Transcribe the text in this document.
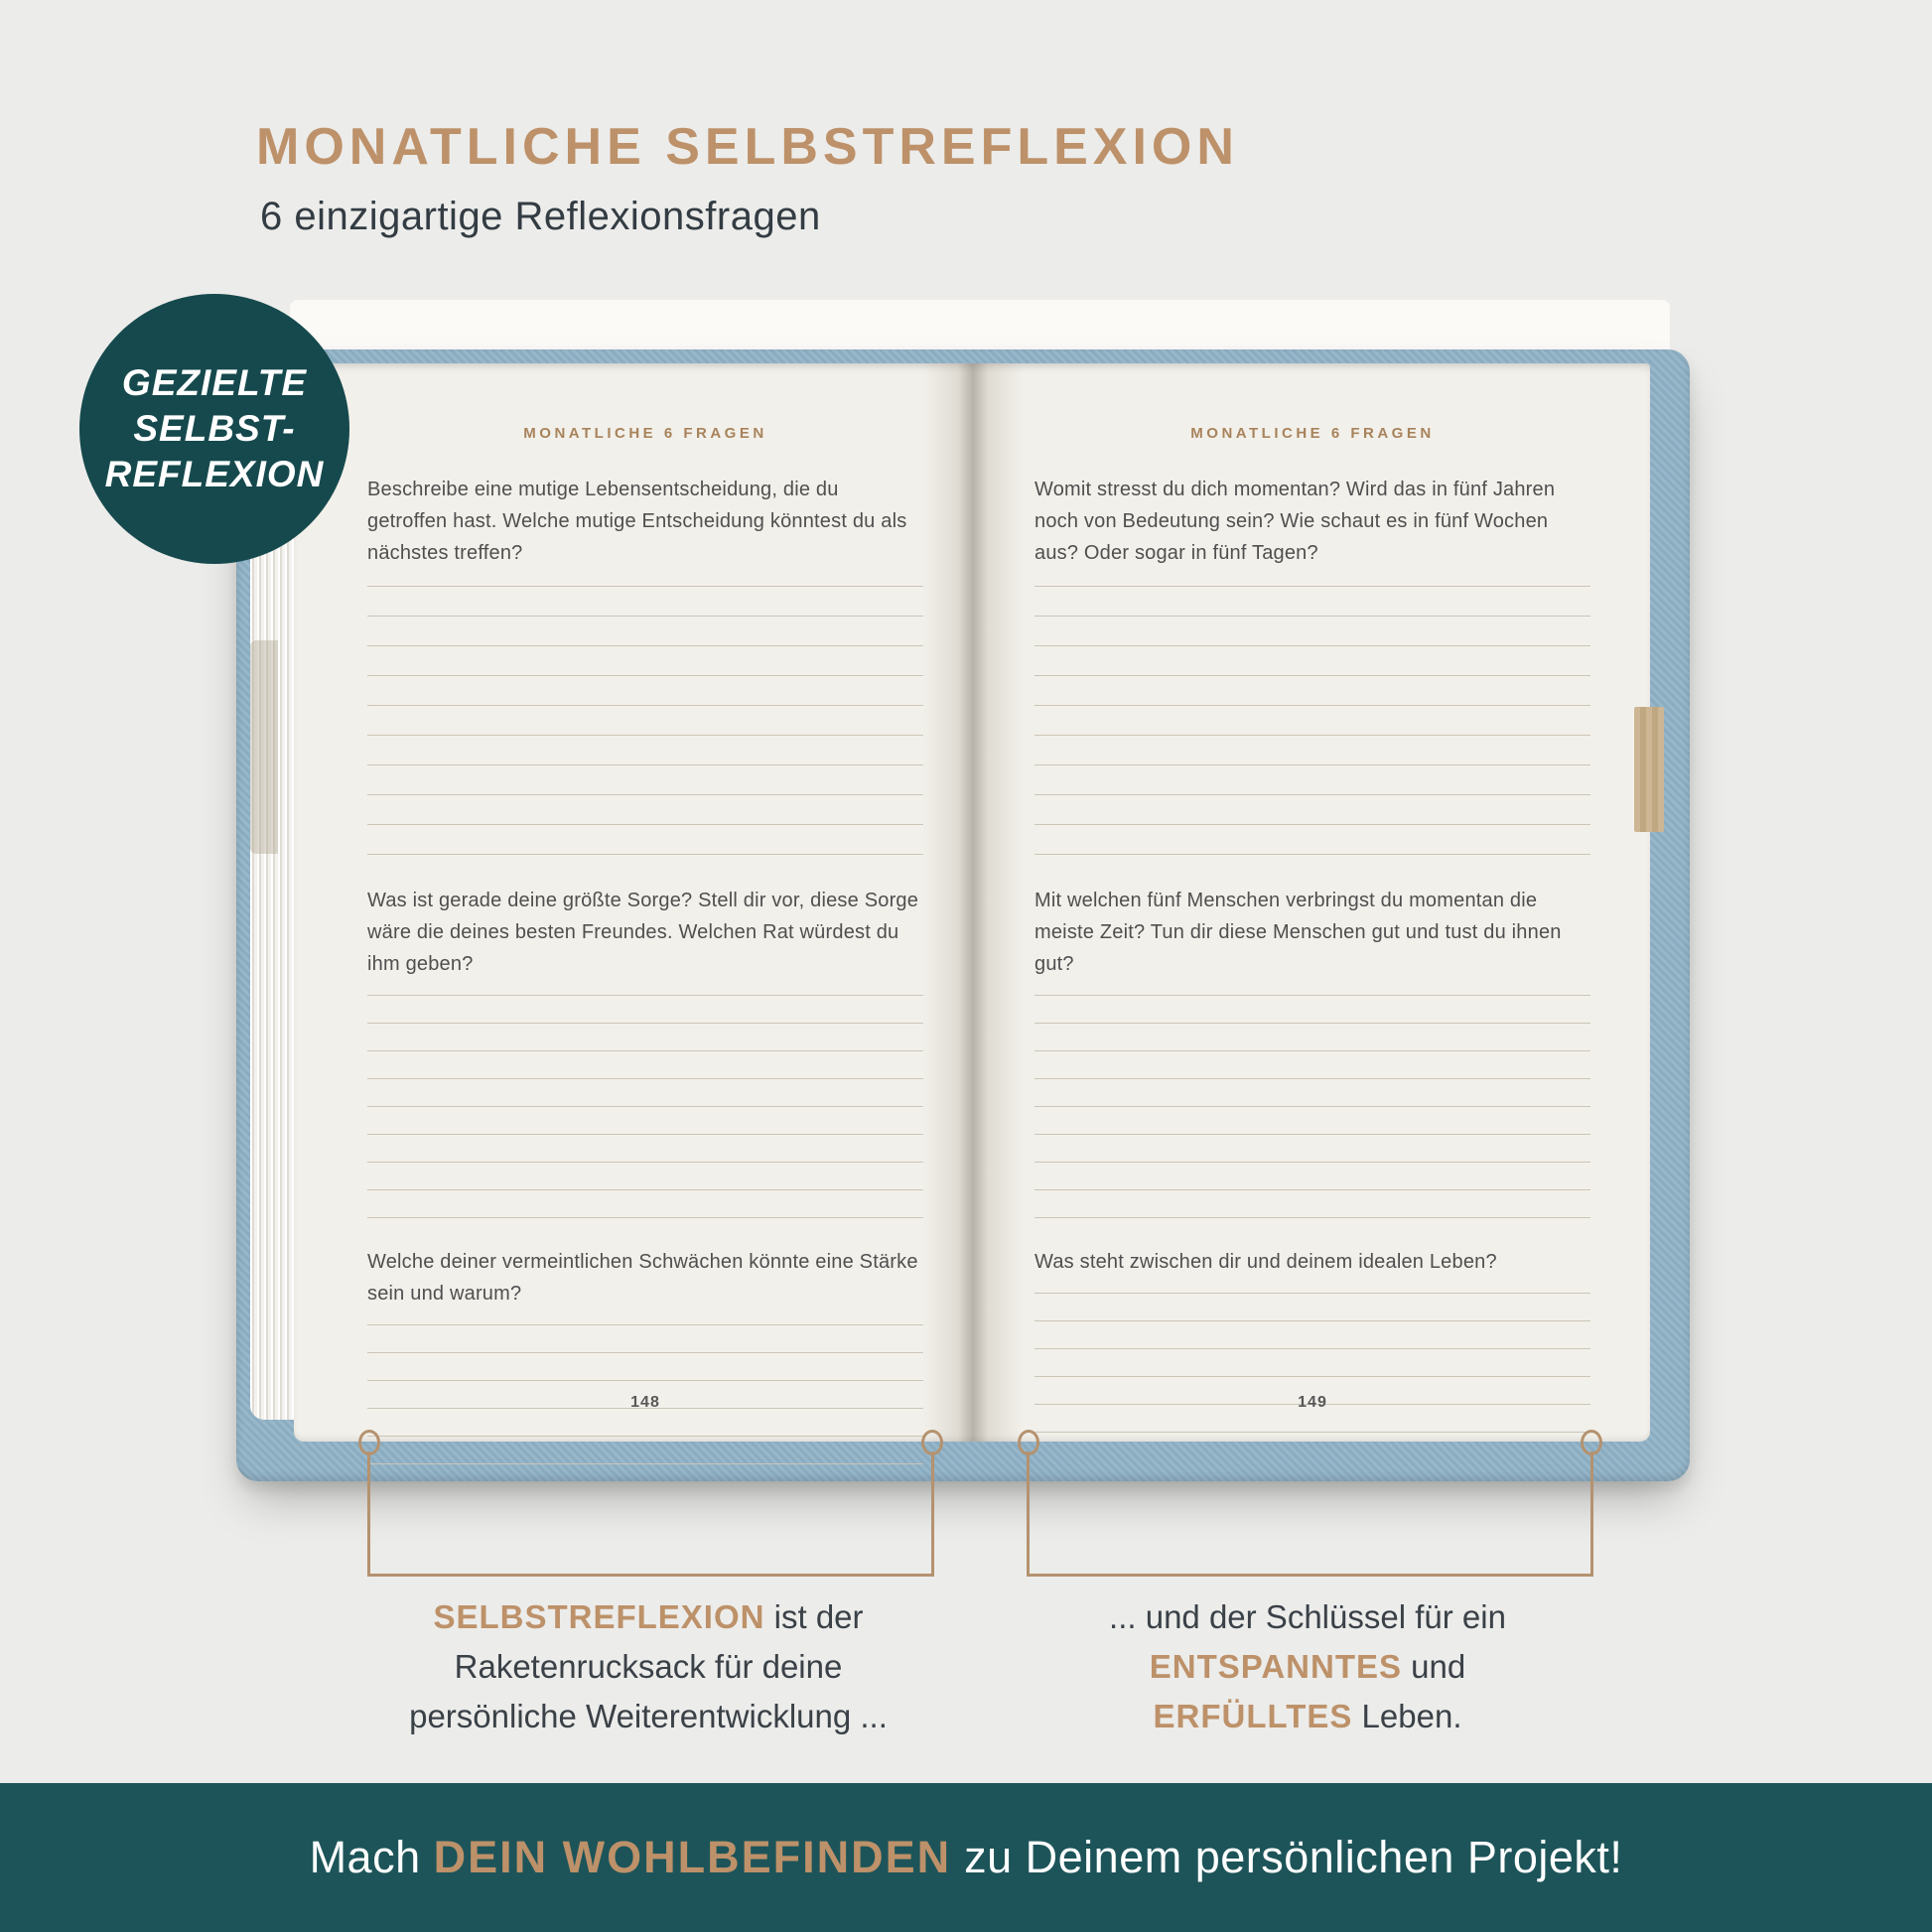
MONATLICHE SELBSTREFLEXION
6 einzigartige Reflexionsfragen
GEZIELTE
SELBST-
REFLEXION
MONATLICHE 6 FRAGEN

Beschreibe eine mutige Lebensentscheidung, die du getroffen hast. Welche mutige Entscheidung könntest du als nächstes treffen?

Was ist gerade deine größte Sorge? Stell dir vor, diese Sorge wäre die deines besten Freundes. Welchen Rat würdest du ihm geben?

Welche deiner vermeintlichen Schwächen könnte eine Stärke sein und warum?

148
MONATLICHE 6 FRAGEN

Womit stresst du dich momentan? Wird das in fünf Jahren noch von Bedeutung sein? Wie schaut es in fünf Wochen aus? Oder sogar in fünf Tagen?

Mit welchen fünf Menschen verbringst du momentan die meiste Zeit? Tun dir diese Menschen gut und tust du ihnen gut?

Was steht zwischen dir und deinem idealen Leben?

149
SELBSTREFLEXION ist der
Raketenrucksack für deine
persönliche Weiterentwicklung ...
... und der Schlüssel für ein
ENTSPANNTES und
ERFÜLLTES Leben.
Mach DEIN WOHLBEFINDEN zu Deinem persönlichen Projekt!
